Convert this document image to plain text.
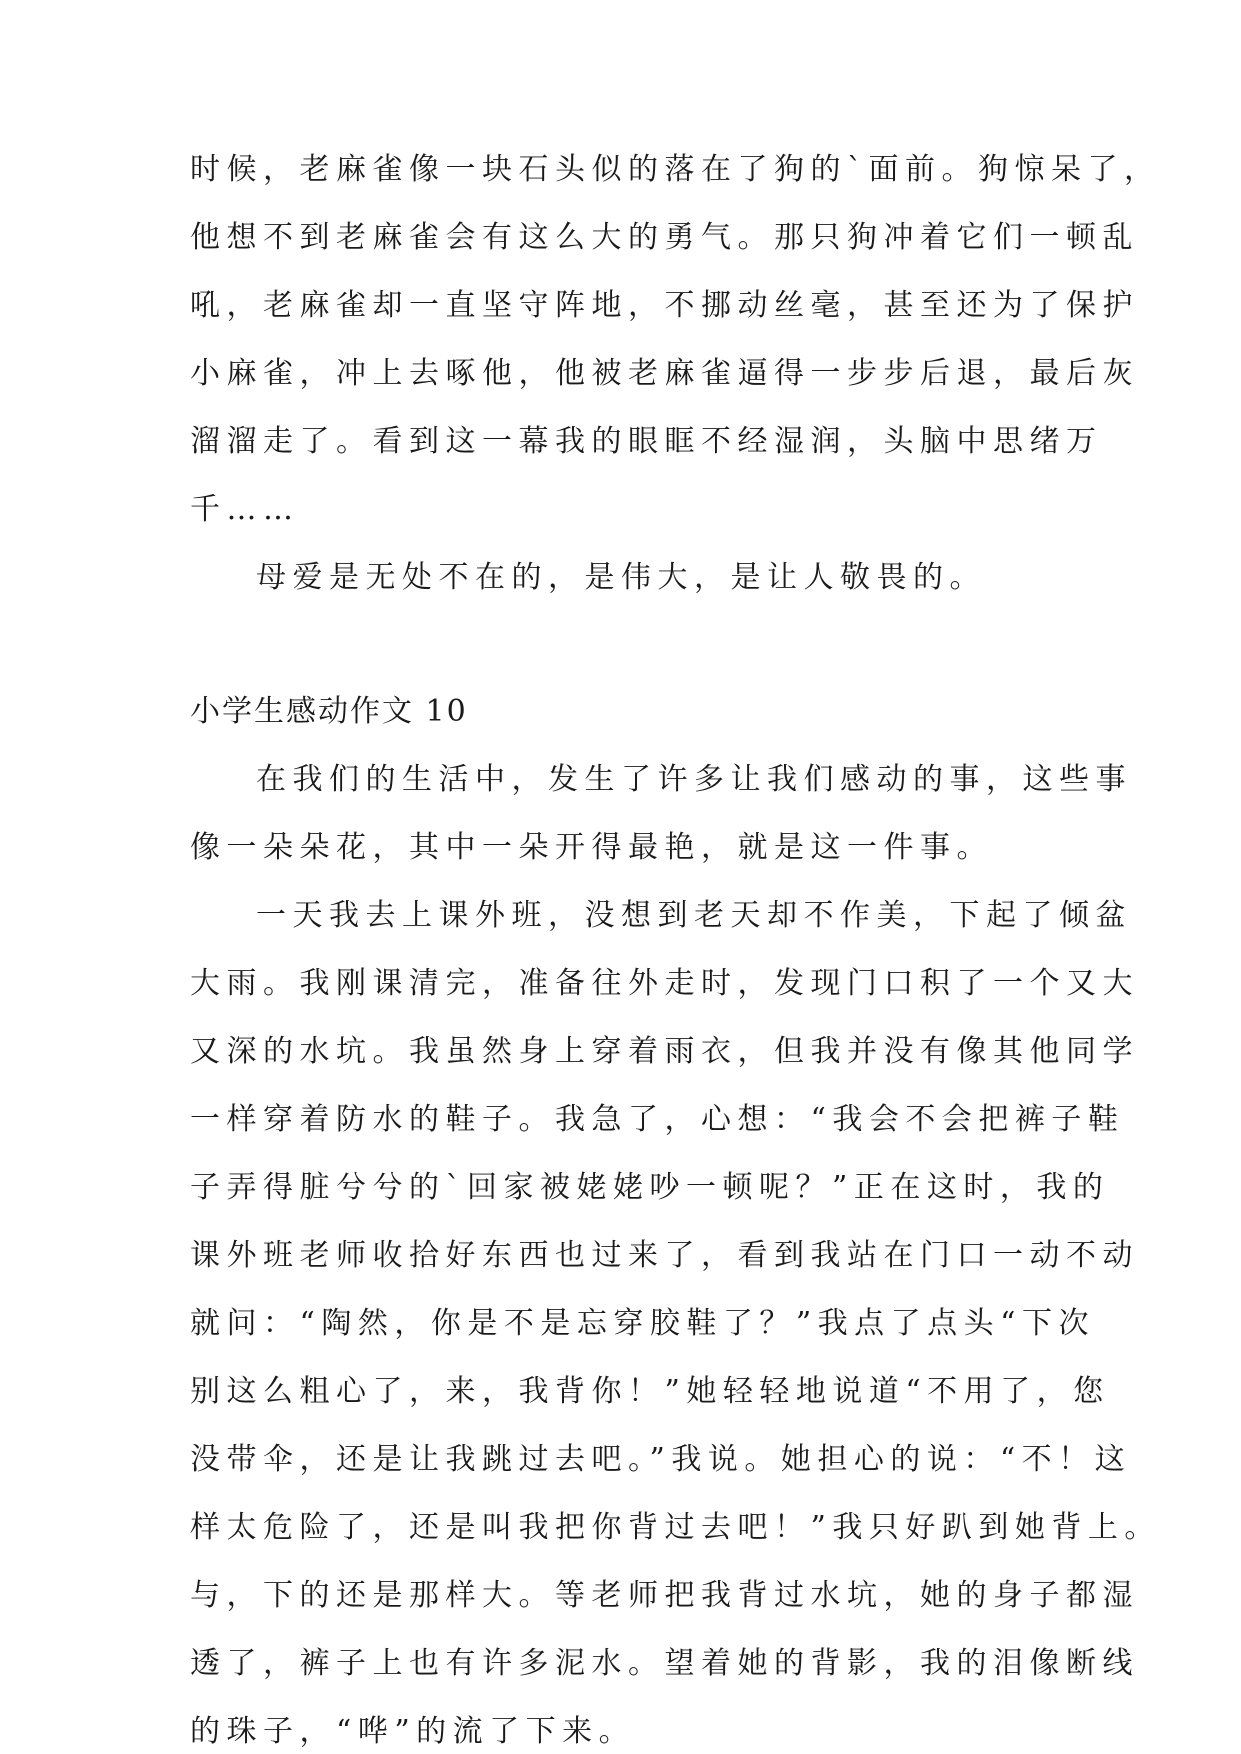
时候，老麻雀像一块石头似的落在了狗的`面前。狗惊呆了，
他想不到老麻雀会有这么大的勇气。那只狗冲着它们一顿乱
吼，老麻雀却一直坚守阵地，不挪动丝毫，甚至还为了保护
小麻雀，冲上去啄他，他被老麻雀逼得一步步后退，最后灰
溜溜走了。看到这一幕我的眼眶不经湿润，头脑中思绪万
千……
母爱是无处不在的，是伟大，是让人敬畏的。
小学生感动作文 10
在我们的生活中，发生了许多让我们感动的事，这些事
像一朵朵花，其中一朵开得最艳，就是这一件事。
一天我去上课外班，没想到老天却不作美，下起了倾盆
大雨。我刚课清完，准备往外走时，发现门口积了一个又大
又深的水坑。我虽然身上穿着雨衣，但我并没有像其他同学
一样穿着防水的鞋子。我急了，心想：“我会不会把裤子鞋
子弄得脏兮兮的`回家被姥姥吵一顿呢？”正在这时，我的
课外班老师收拾好东西也过来了，看到我站在门口一动不动
就问：“陶然，你是不是忘穿胶鞋了？”我点了点头“下次
别这么粗心了，来，我背你！”她轻轻地说道“不用了，您
没带伞，还是让我跳过去吧。”我说。她担心的说：“不！这
样太危险了，还是叫我把你背过去吧！”我只好趴到她背上。
与，下的还是那样大。等老师把我背过水坑，她的身子都湿
透了，裤子上也有许多泥水。望着她的背影，我的泪像断线
的珠子，“哗”的流了下来。
